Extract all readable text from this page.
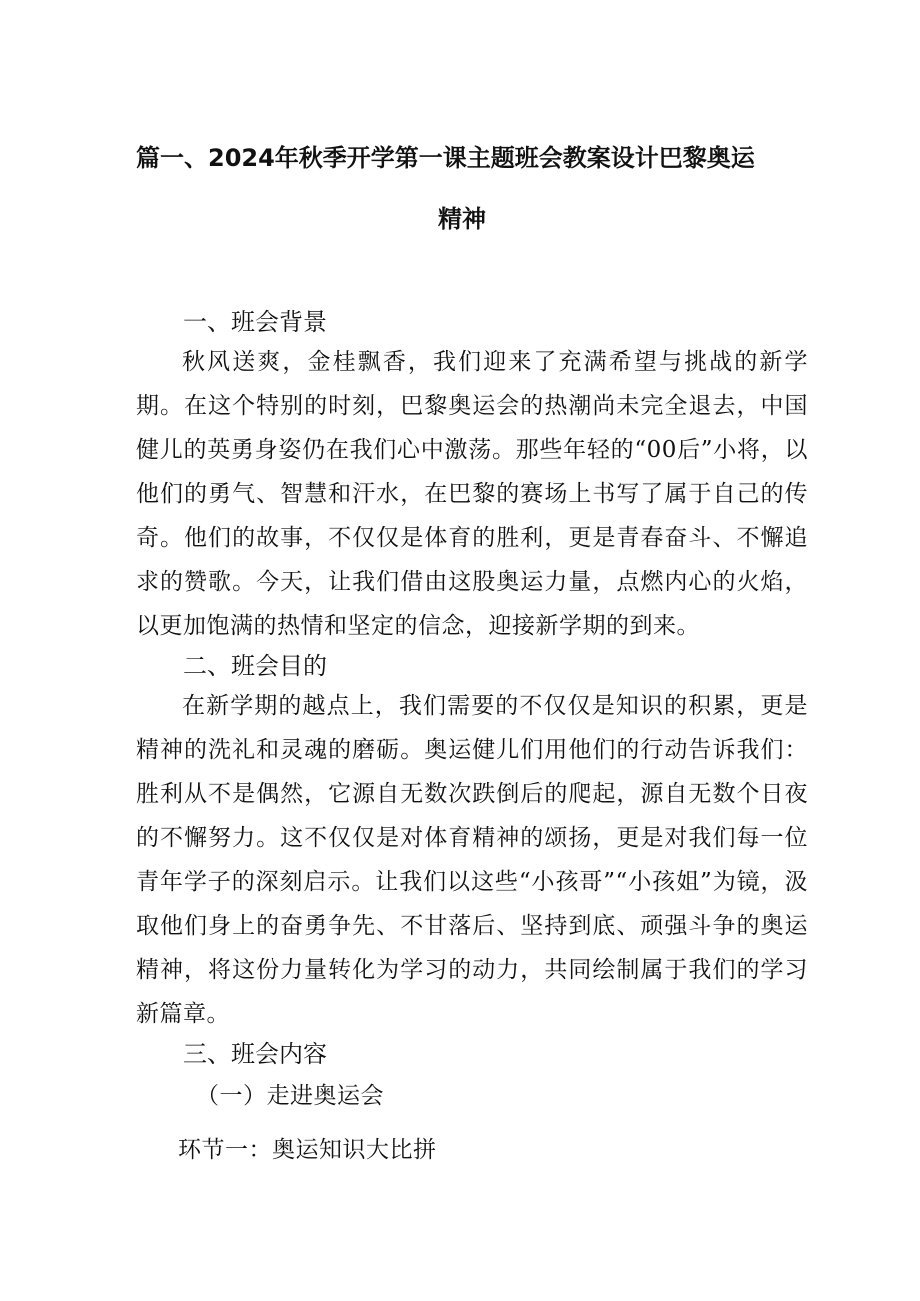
篇一、2024年秋季开学第一课主题班会教案设计巴黎奥运
精神
一、班会背景
秋风送爽，金桂飘香，我们迎来了充满希望与挑战的新学期。在这个特别的时刻，巴黎奥运会的热潮尚未完全退去，中国健儿的英勇身姿仍在我们心中激荡。那些年轻的“00后”小将，以他们的勇气、智慧和汗水，在巴黎的赛场上书写了属于自己的传奇。他们的故事，不仅仅是体育的胜利，更是青春奋斗、不懈追求的赞歌。今天，让我们借由这股奥运力量，点燃内心的火焰，以更加饱满的热情和坚定的信念，迎接新学期的到来。
二、班会目的
在新学期的越点上，我们需要的不仅仅是知识的积累，更是精神的洗礼和灵魂的磨砺。奥运健儿们用他们的行动告诉我们：胜利从不是偶然，它源自无数次跌倒后的爬起，源自无数个日夜的不懈努力。这不仅仅是对体育精神的颂扬，更是对我们每一位青年学子的深刻启示。让我们以这些“小孩哥”“小孩姐”为镜，汲取他们身上的奋勇争先、不甘落后、坚持到底、顽强斗争的奥运精神，将这份力量转化为学习的动力，共同绘制属于我们的学习新篇章。
三、班会内容
（一）走进奥运会
环节一：奥运知识大比拼
